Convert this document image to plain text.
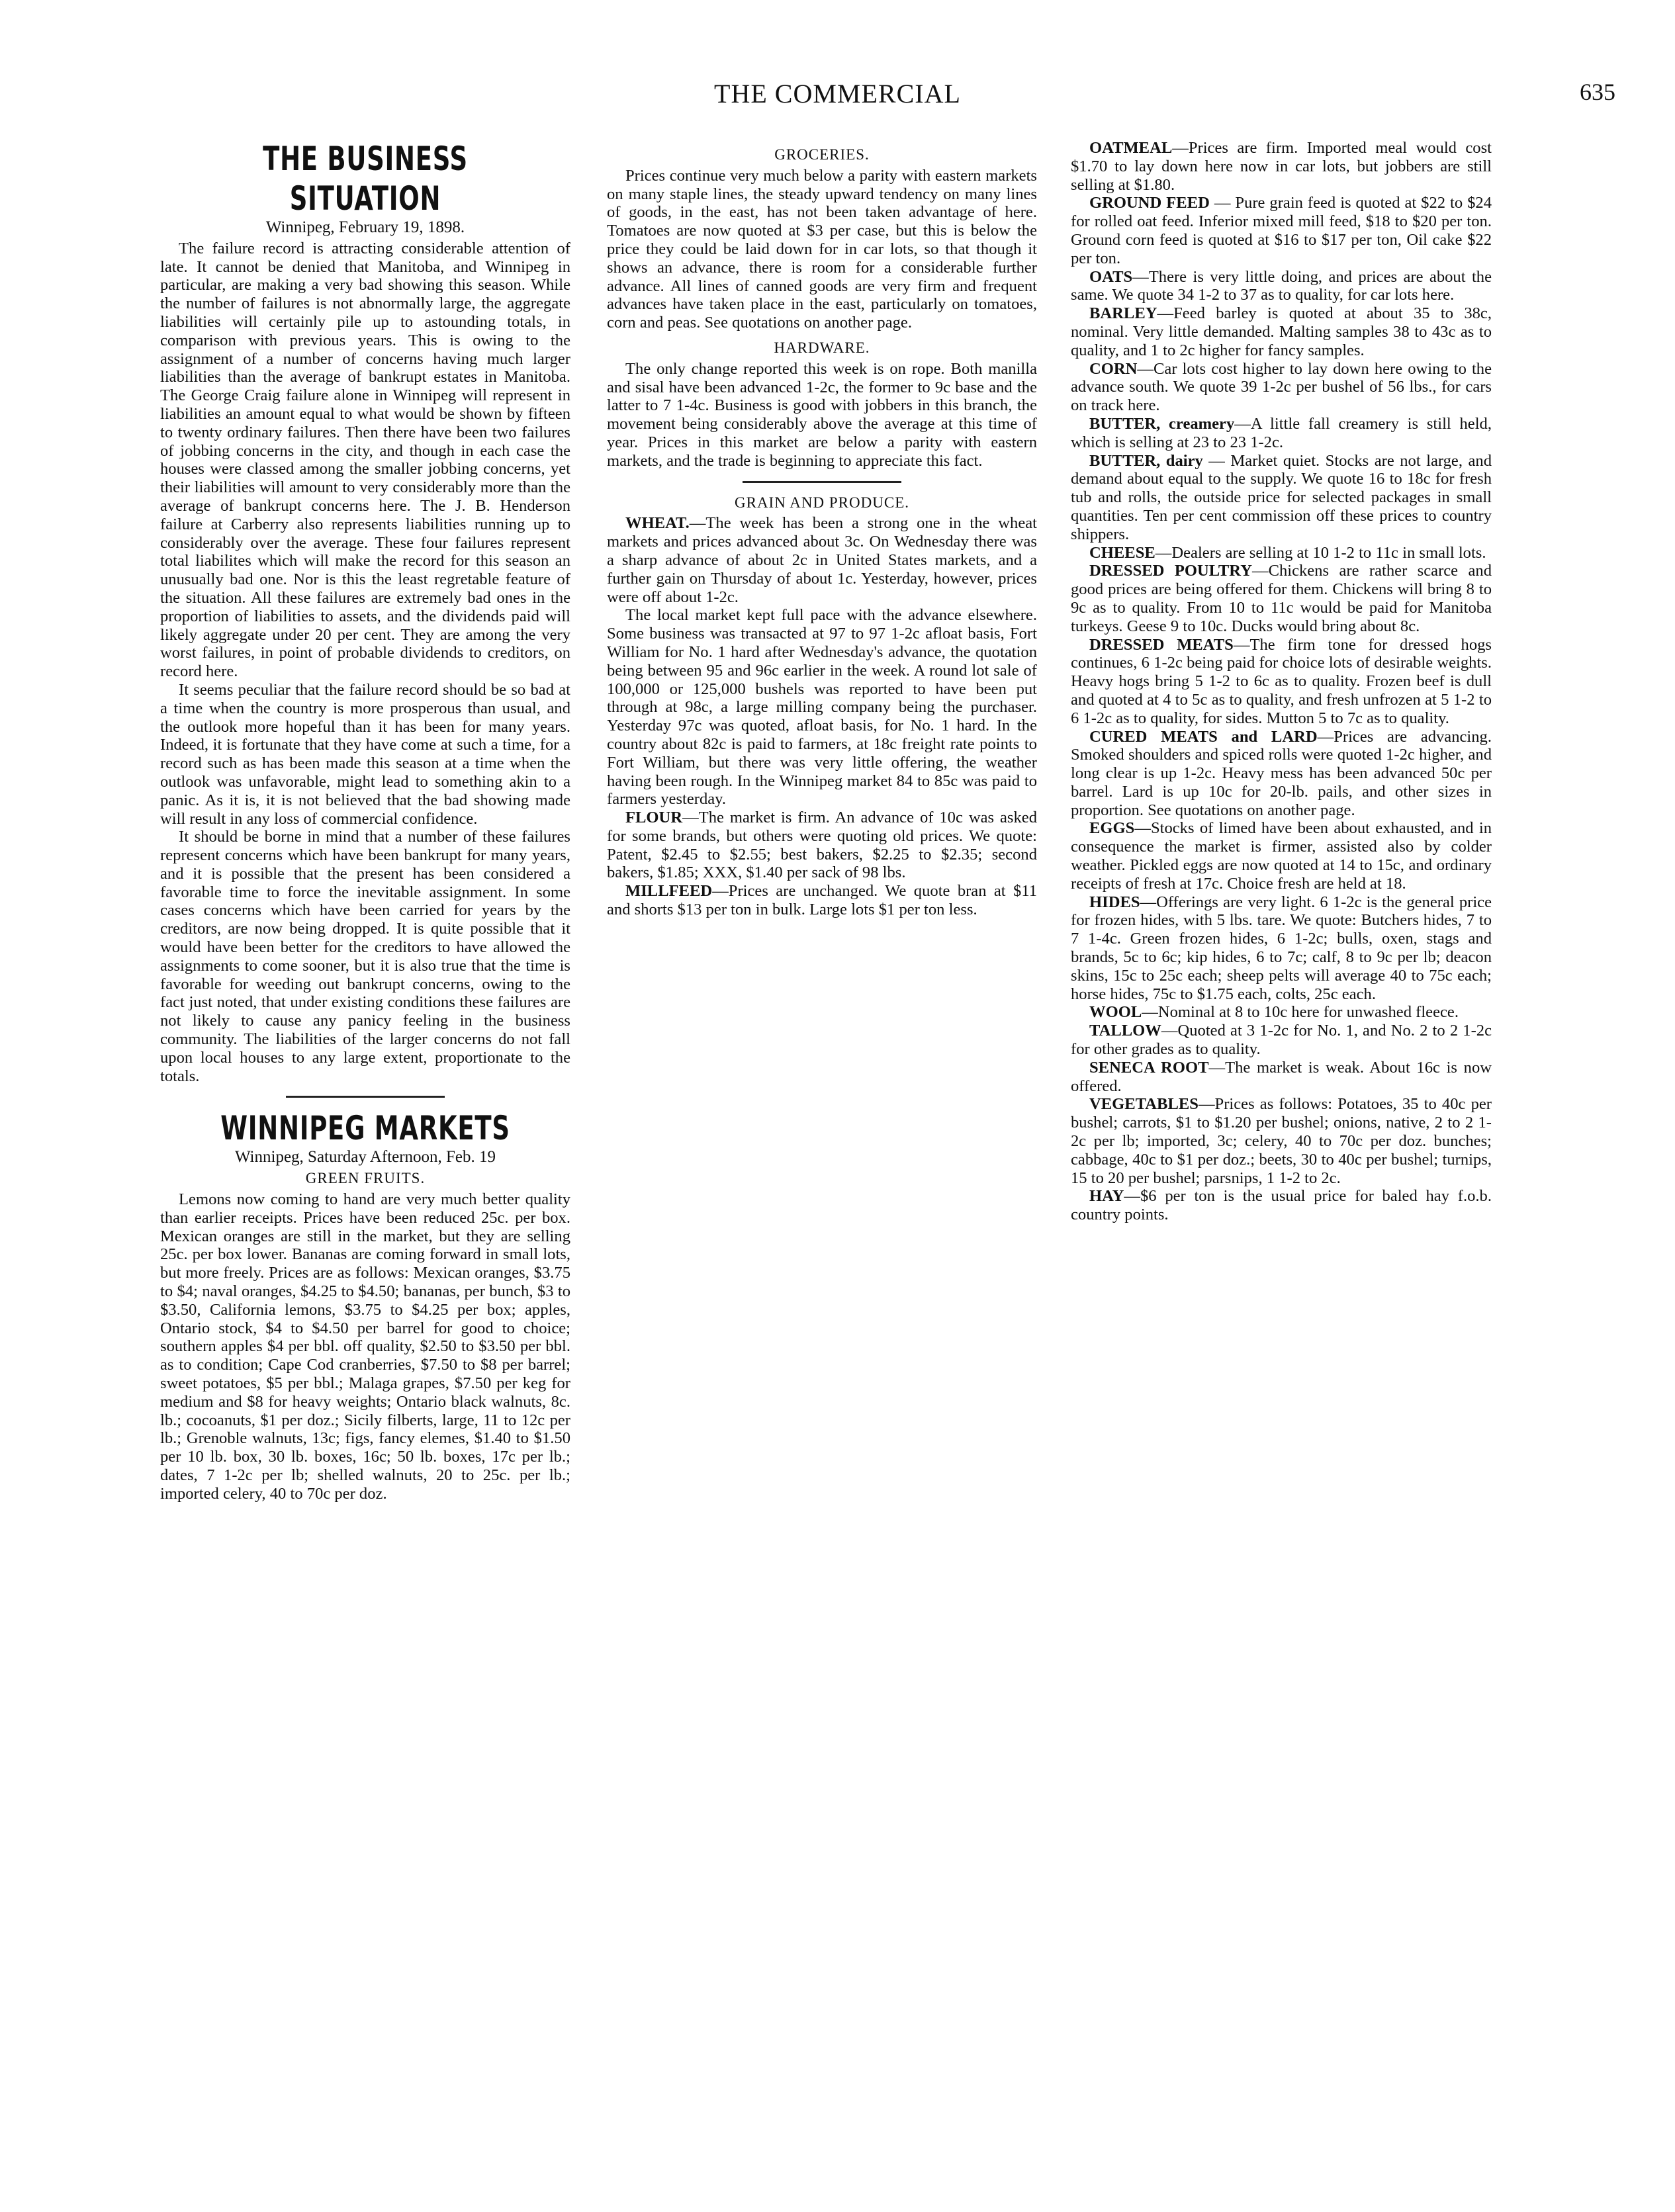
THE COMMERCIAL	635
THE BUSINESS SITUATION
Winnipeg, February 19, 1898.

The failure record is attracting considerable attention of late. It cannot be denied that Manitoba, and Winnipeg in particular, are making a very bad showing this season. While the number of failures is not abnormally large, the aggregate liabilities will certainly pile up to astounding totals, in comparison with previous years. This is owing to the assignment of a number of concerns having much larger liabilities than the average of bankrupt estates in Manitoba. The George Craig failure alone in Winnipeg will represent in liabilities an amount equal to what would be shown by fifteen to twenty ordinary failures. Then there have been two failures of jobbing concerns in the city, and though in each case the houses were classed among the smaller jobbing concerns, yet their liabilities will amount to very considerably more than the average of bankrupt concerns here. The J. B. Henderson failure at Carberry also represents liabilities running up to considerably over the average. These four failures represent total liabilites which will make the record for this season an unusually bad one. Nor is this the least regretable feature of the situation. All these failures are extremely bad ones in the proportion of liabilities to assets, and the dividends paid will likely aggregate under 20 per cent. They are among the very worst failures, in point of probable dividends to creditors, on record here.

It seems peculiar that the failure record should be so bad at a time when the country is more prosperous than usual, and the outlook more hopeful than it has been for many years. Indeed, it is fortunate that they have come at such a time, for a record such as has been made this season at a time when the outlook was unfavorable, might lead to something akin to a panic. As it is, it is not believed that the bad showing made will result in any loss of commercial confidence.

It should be borne in mind that a number of these failures represent concerns which have been bankrupt for many years, and it is possible that the present has been considered a favorable time to force the inevitable assignment. In some cases concerns which have been carried for years by the creditors, are now being dropped. It is quite possible that it would have been better for the creditors to have allowed the assignments to come sooner, but it is also true that the time is favorable for weeding out bankrupt concerns, owing to the fact just noted, that under existing conditions these failures are not likely to cause any panicy feeling in the business community. The liabilities of the larger concerns do not fall upon local houses to any large extent, proportionate to the totals.

WINNIPEG MARKETS
Winnipeg, Saturday Afternoon, Feb. 19
GREEN FRUITS.

Lemons now coming to hand are very much better quality than earlier receipts. Prices have been reduced 25c. per box. Mexican oranges are still in the market, but they are selling 25c. per box lower. Bananas are coming forward in small lots, but more freely. Prices are as follows: Mexican oranges, $3.75 to $4; naval oranges, $4.25 to $4.50; bananas, per bunch, $3 to $3.50, California lemons, $3.75 to $4.25 per box; apples, Ontario stock, $4 to $4.50 per barrel for good to choice; southern apples $4 per bbl. off quality, $2.50 to $3.50 per bbl. as to condition; Cape Cod cranberries, $7.50 to $8 per barrel; sweet potatoes, $5 per bbl.; Malaga grapes, $7.50 per keg for medium and $8 for heavy weights; Ontario black walnuts, 8c. lb.; cocoanuts, $1 per doz.; Sicily filberts, large, 11 to 12c per lb.; Grenoble walnuts, 13c; figs, fancy elemes, $1.40 to $1.50 per 10 lb. box, 30 lb. boxes, 16c; 50 lb. boxes, 17c per lb.; dates, 7 1-2c per lb; shelled walnuts, 20 to 25c. per lb.; imported celery, 40 to 70c per doz.

GROCERIES.

Prices continue very much below a parity with eastern markets on many staple lines, the steady upward tendency on many lines of goods, in the east, has not been taken advantage of here. Tomatoes are now quoted at $3 per case, but this is below the price they could be laid down for in car lots, so that though it shows an advance, there is room for a considerable further advance. All lines of canned goods are very firm and frequent advances have taken place in the east, particularly on tomatoes, corn and peas. See quotations on another page.

HARDWARE.

The only change reported this week is on rope. Both manilla and sisal have been advanced 1-2c, the former to 9c base and the latter to 7 1-4c. Business is good with jobbers in this branch, the movement being considerably above the average at this time of year. Prices in this market are below a parity with eastern markets, and the trade is beginning to appreciate this fact.

GRAIN AND PRODUCE.

WHEAT.—The week has been a strong one in the wheat markets and prices advanced about 3c. On Wednesday there was a sharp advance of about 2c in United States markets, and a further gain on Thursday of about 1c. Yesterday, however, prices were off about 1-2c.

The local market kept full pace with the advance elsewhere. Some business was transacted at 97 to 97 1-2c afloat basis, Fort William for No. 1 hard after Wednesday's advance, the quotation being between 95 and 96c earlier in the week. A round lot sale of 100,000 or 125,000 bushels was reported to have been put through at 98c, a large milling company being the purchaser. Yesterday 97c was quoted, afloat basis, for No. 1 hard. In the country about 82c is paid to farmers, at 18c freight rate points to Fort William, but there was very little offering, the weather having been rough. In the Winnipeg market 84 to 85c was paid to farmers yesterday.

FLOUR—The market is firm. An advance of 10c was asked for some brands, but others were quoting old prices. We quote: Patent, $2.45 to $2.55; best bakers, $2.25 to $2.35; second bakers, $1.85; XXX, $1.40 per sack of 98 lbs.

MILLFEED—Prices are unchanged. We quote bran at $11 and shorts $13 per ton in bulk. Large lots $1 per ton less.

OATMEAL—Prices are firm. Imported meal would cost $1.70 to lay down here now in car lots, but jobbers are still selling at $1.80.

GROUND FEED — Pure grain feed is quoted at $22 to $24 for rolled oat feed. Inferior mixed mill feed, $18 to $20 per ton. Ground corn feed is quoted at $16 to $17 per ton, Oil cake $22 per ton.

OATS—There is very little doing, and prices are about the same. We quote 34 1-2 to 37 as to quality, for car lots here.

BARLEY—Feed barley is quoted at about 35 to 38c, nominal. Very little demanded. Malting samples 38 to 43c as to quality, and 1 to 2c higher for fancy samples.

CORN—Car lots cost higher to lay down here owing to the advance south. We quote 39 1-2c per bushel of 56 lbs., for cars on track here.

BUTTER, creamery—A little fall creamery is still held, which is selling at 23 to 23 1-2c.

BUTTER, dairy — Market quiet. Stocks are not large, and demand about equal to the supply. We quote 16 to 18c for fresh tub and rolls, the outside price for selected packages in small quantities. Ten per cent commission off these prices to country shippers.

CHEESE—Dealers are selling at 10 1-2 to 11c in small lots.

DRESSED POULTRY—Chickens are rather scarce and good prices are being offered for them. Chickens will bring 8 to 9c as to quality. From 10 to 11c would be paid for Manitoba turkeys. Geese 9 to 10c. Ducks would bring about 8c.

DRESSED MEATS—The firm tone for dressed hogs continues, 6 1-2c being paid for choice lots of desirable weights. Heavy hogs bring 5 1-2 to 6c as to quality. Frozen beef is dull and quoted at 4 to 5c as to quality, and fresh unfrozen at 5 1-2 to 6 1-2c as to quality, for sides. Mutton 5 to 7c as to quality.

CURED MEATS and LARD—Prices are advancing. Smoked shoulders and spiced rolls were quoted 1-2c higher, and long clear is up 1-2c. Heavy mess has been advanced 50c per barrel. Lard is up 10c for 20-lb. pails, and other sizes in proportion. See quotations on another page.

EGGS—Stocks of limed have been about exhausted, and in consequence the market is firmer, assisted also by colder weather. Pickled eggs are now quoted at 14 to 15c, and ordinary receipts of fresh at 17c. Choice fresh are held at 18.

HIDES—Offerings are very light. 6 1-2c is the general price for frozen hides, with 5 lbs. tare. We quote: Butchers hides, 7 to 7 1-4c. Green frozen hides, 6 1-2c; bulls, oxen, stags and brands, 5c to 6c; kip hides, 6 to 7c; calf, 8 to 9c per lb; deacon skins, 15c to 25c each; sheep pelts will average 40 to 75c each; horse hides, 75c to $1.75 each, colts, 25c each.

WOOL—Nominal at 8 to 10c here for unwashed fleece.

TALLOW—Quoted at 3 1-2c for No. 1, and No. 2 to 2 1-2c for other grades as to quality.

SENECA ROOT—The market is weak. About 16c is now offered.

VEGETABLES—Prices as follows: Potatoes, 35 to 40c per bushel; carrots, $1 to $1.20 per bushel; onions, native, 2 to 2 1-2c per lb; imported, 3c; celery, 40 to 70c per doz. bunches; cabbage, 40c to $1 per doz.; beets, 30 to 40c per bushel; turnips, 15 to 20 per bushel; parsnips, 1 1-2 to 2c.

HAY—$6 per ton is the usual price for baled hay f.o.b. country points.
